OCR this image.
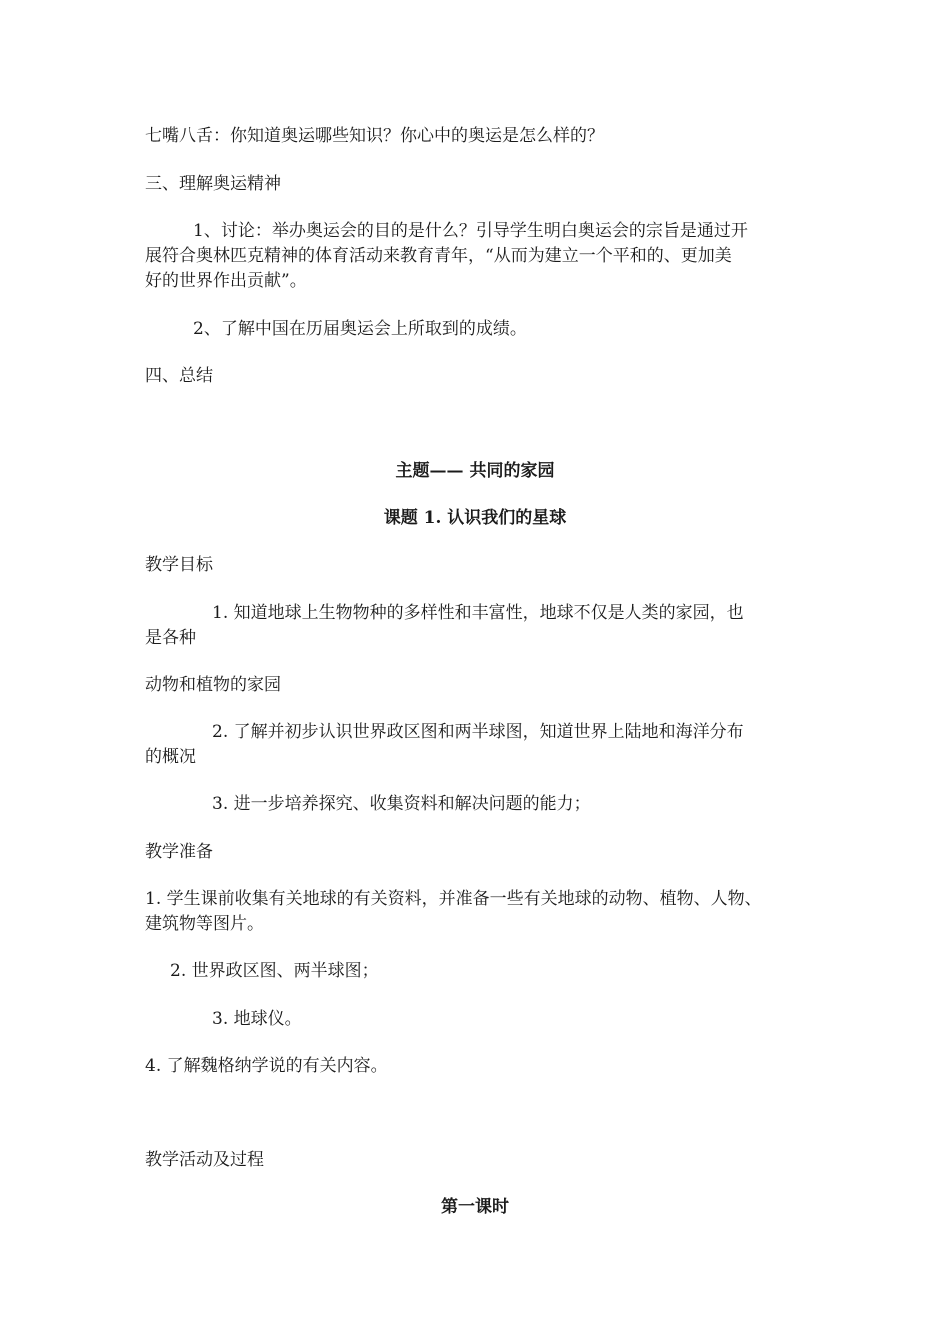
七嘴八舌：你知道奥运哪些知识？你心中的奥运是怎么样的？

三、理解奥运精神

1、讨论：举办奥运会的目的是什么？引导学生明白奥运会的宗旨是通过开

展符合奥林匹克精神的体育活动来教育青年，“从而为建立一个平和的、更加美

好的世界作出贡献”。

2、了解中国在历届奥运会上所取到的成绩。

四、总结

主题—— 共同的家园

课题 1. 认识我们的星球

教学目标

1. 知道地球上生物物种的多样性和丰富性，地球不仅是人类的家园，也

是各种

动物和植物的家园

2. 了解并初步认识世界政区图和两半球图，知道世界上陆地和海洋分布

的概况

3. 进一步培养探究、收集资料和解决问题的能力；

教学准备

1. 学生课前收集有关地球的有关资料，并准备一些有关地球的动物、植物、人物、

建筑物等图片。

2. 世界政区图、两半球图；

3. 地球仪。

4. 了解魏格纳学说的有关内容。

教学活动及过程

第一课时
